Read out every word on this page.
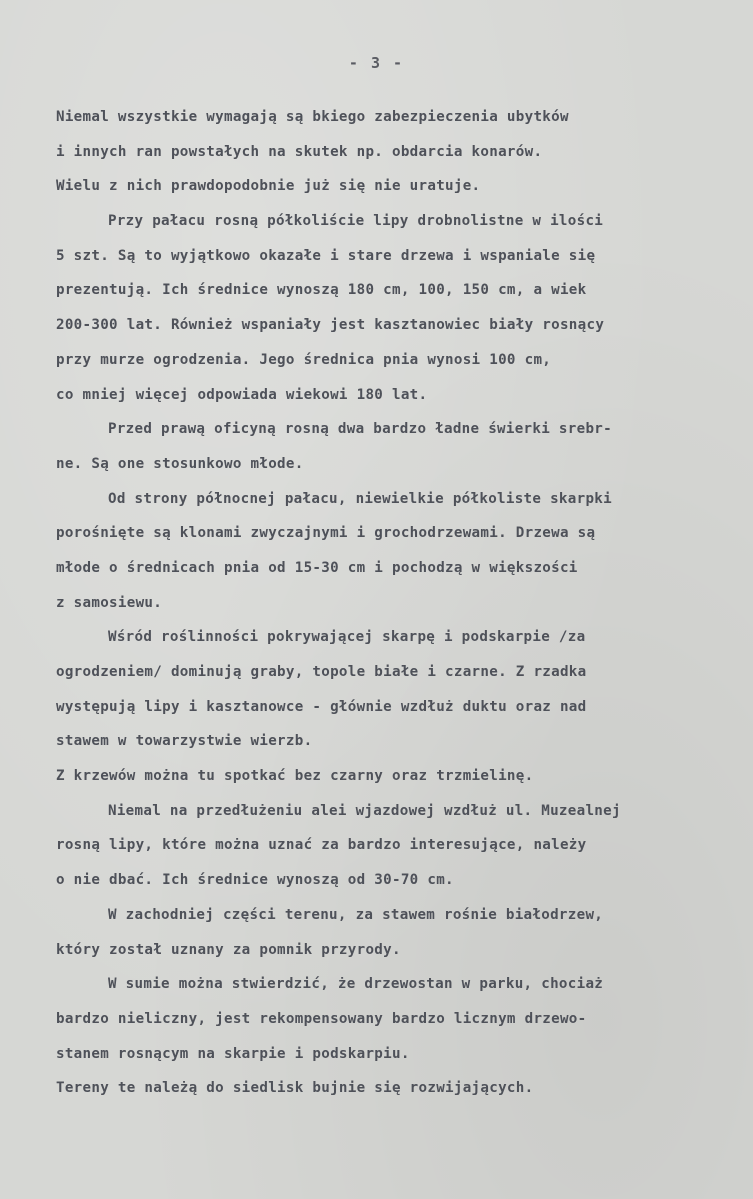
- 3 -
Niemal wszystkie wymagają są bkiego zabezpieczenia ubytków
i innych ran powstałych na skutek np. obdarcia konarów.
Wielu z nich prawdopodobnie już się nie uratuje.
Przy pałacu rosną półkoliście lipy drobnolistne w ilości
5 szt. Są to wyjątkowo okazałe i stare drzewa i wspaniale się
prezentują. Ich średnice wynoszą 180 cm, 100, 150 cm, a wiek
200-300 lat. Również wspaniały jest kasztanowiec biały rosnący
przy murze ogrodzenia. Jego średnica pnia wynosi 100 cm,
co mniej więcej odpowiada wiekowi 180 lat.
Przed prawą oficyną rosną dwa bardzo ładne świerki srebr-
ne. Są one stosunkowo młode.
Od strony północnej pałacu, niewielkie półkoliste skarpki
porośnięte są klonami zwyczajnymi i grochodrzewami. Drzewa są
młode o średnicach pnia od 15-30 cm i pochodzą w większości
z samosiewu.
Wśród roślinności pokrywającej skarpę i podskarpie /za
ogrodzeniem/ dominują graby, topole białe i czarne. Z rzadka
występują lipy i kasztanowce - głównie wzdłuż duktu oraz nad
stawem w towarzystwie wierzb.
Z krzewów można tu spotkać bez czarny oraz trzmielinę.
Niemal na przedłużeniu alei wjazdowej wzdłuż ul. Muzealnej
rosną lipy, które można uznać za bardzo interesujące, należy
o nie dbać. Ich średnice wynoszą od 30-70 cm.
W zachodniej części terenu, za stawem rośnie białodrzew,
który został uznany za pomnik przyrody.
W sumie można stwierdzić, że drzewostan w parku, chociaż
bardzo nieliczny, jest rekompensowany bardzo licznym drzewo-
stanem rosnącym na skarpie i podskarpiu.
Tereny te należą do siedlisk bujnie się rozwijających.
